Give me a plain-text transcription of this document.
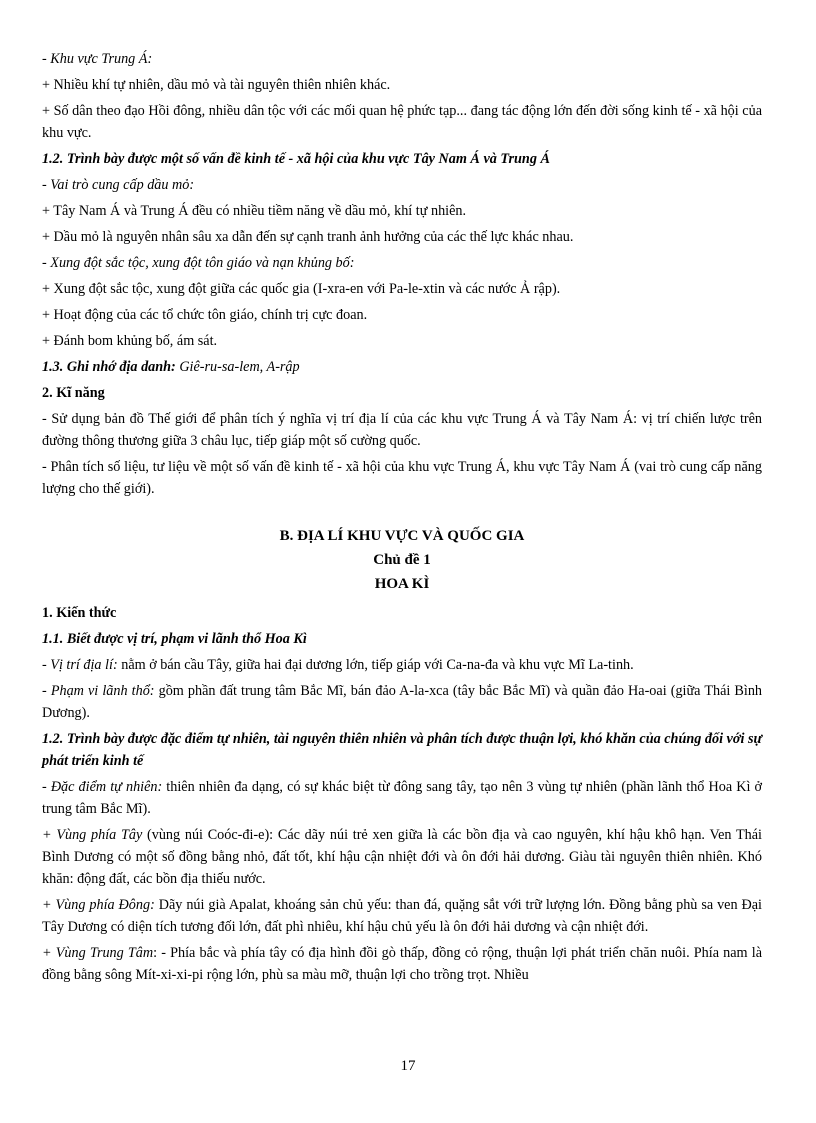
- Khu vực Trung Á:

+ Nhiều khí tự nhiên, dầu mỏ và tài nguyên thiên nhiên khác.

+ Số dân theo đạo Hồi đông, nhiều dân tộc với các mối quan hệ phức tạp... đang tác động lớn đến đời sống kinh tế - xã hội của khu vực.

1.2. Trình bày được một số vấn đề kinh tế - xã hội của khu vực Tây Nam Á và Trung Á

- Vai trò cung cấp dầu mỏ:

+ Tây Nam Á và Trung Á đều có nhiều tiềm năng về dầu mỏ, khí tự nhiên.

+ Dầu mỏ là nguyên nhân sâu xa dẫn đến sự cạnh tranh ảnh hưởng của các thế lực khác nhau.

- Xung đột sắc tộc, xung đột tôn giáo và nạn khủng bố:

+ Xung đột sắc tộc, xung đột giữa các quốc gia (I-xra-en với Pa-le-xtin và các nước Ả rập).

+ Hoạt động của các tổ chức tôn giáo, chính trị cực đoan.

+ Đánh bom khủng bố, ám sát.

1.3. Ghi nhớ địa danh: Giê-ru-sa-lem, A-rập

2. Kĩ năng

- Sử dụng bản đồ Thế giới để phân tích ý nghĩa vị trí địa lí của các khu vực Trung Á và Tây Nam Á: vị trí chiến lược trên đường thông thương giữa 3 châu lục, tiếp giáp một số cường quốc.

- Phân tích số liệu, tư liệu về một số vấn đề kinh tế - xã hội của khu vực Trung Á, khu vực Tây Nam Á (vai trò cung cấp năng lượng cho thế giới).

B. ĐỊA LÍ KHU VỰC VÀ QUỐC GIA

Chủ đề 1

HOA KÌ

1. Kiến thức

1.1. Biết được vị trí, phạm vi lãnh thổ Hoa Kì

- Vị trí địa lí: nằm ở bán cầu Tây, giữa hai đại dương lớn, tiếp giáp với Ca-na-đa và khu vực Mĩ La-tinh.

- Phạm vi lãnh thổ: gồm phần đất trung tâm Bắc Mĩ, bán đảo A-la-xca (tây bắc Bắc Mĩ) và quần đảo Ha-oai (giữa Thái Bình Dương).

1.2. Trình bày được đặc điểm tự nhiên, tài nguyên thiên nhiên và phân tích được thuận lợi, khó khăn của chúng đối với sự phát triển kinh tế

- Đặc điểm tự nhiên: thiên nhiên đa dạng, có sự khác biệt từ đông sang tây, tạo nên 3 vùng tự nhiên (phần lãnh thổ Hoa Kì ở trung tâm Bắc Mĩ).

+ Vùng phía Tây (vùng núi Coóc-đi-e): Các dãy núi trẻ xen giữa là các bồn địa và cao nguyên, khí hậu khô hạn. Ven Thái Bình Dương có một số đồng bằng nhỏ, đất tốt, khí hậu cận nhiệt đới và ôn đới hải dương. Giàu tài nguyên thiên nhiên. Khó khăn: động đất, các bồn địa thiếu nước.

+ Vùng phía Đông: Dãy núi già Apalat, khoáng sản chủ yếu: than đá, quặng sắt với trữ lượng lớn. Đồng bằng phù sa ven Đại Tây Dương có diện tích tương đối lớn, đất phì nhiêu, khí hậu chủ yếu là ôn đới hải dương và cận nhiệt đới.

+ Vùng Trung Tâm: - Phía bắc và phía tây có địa hình đồi gò thấp, đồng cỏ rộng, thuận lợi phát triển chăn nuôi. Phía nam là đồng bằng sông Mít-xi-xi-pi rộng lớn, phù sa màu mỡ, thuận lợi cho trồng trọt. Nhiều

17
